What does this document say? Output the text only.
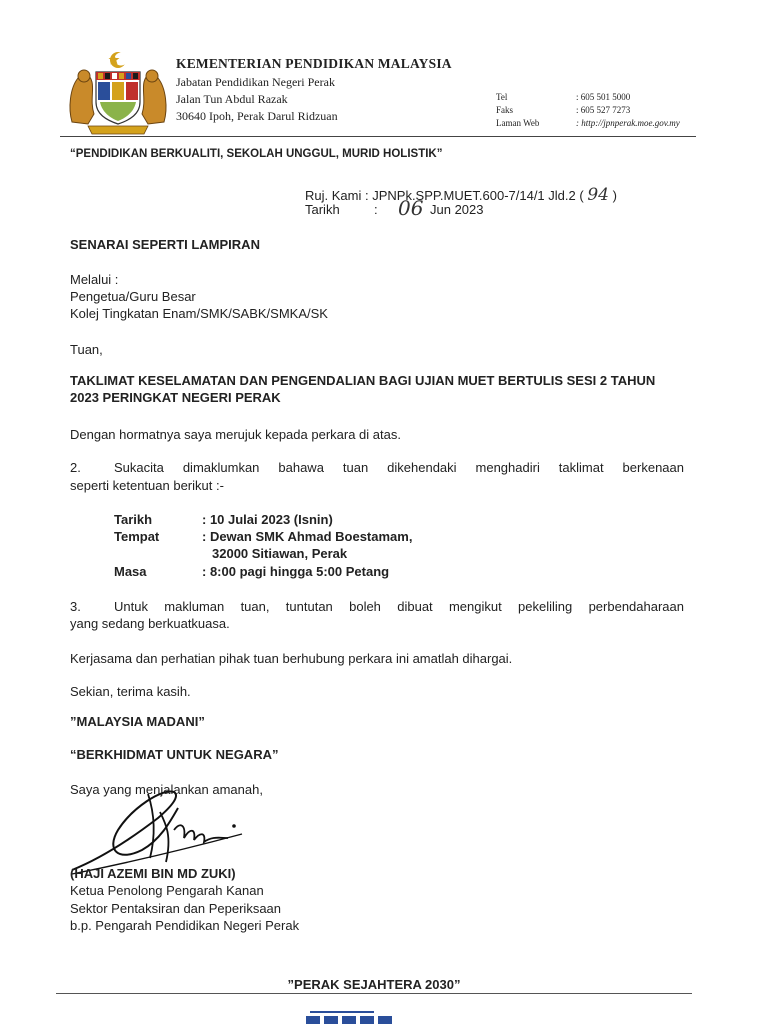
KEMENTERIAN PENDIDIKAN MALAYSIA
Jabatan Pendidikan Negeri Perak
Jalan Tun Abdul Razak
30640 Ipoh, Perak Darul Ridzuan
Tel	: 605 501 5000
Faks	: 605 527 7273
Laman Web	: http://jpnperak.moe.gov.my
“PENDIDIKAN BERKUALITI, SEKOLAH UNGGUL, MURID HOLISTIK”
Ruj. Kami : JPNPk.SPP.MUET.600-7/14/1 Jld.2 ( 94 )
Tarikh	: 06 Jun 2023
SENARAI SEPERTI LAMPIRAN
Melalui :
Pengetua/Guru Besar
Kolej Tingkatan Enam/SMK/SABK/SMKA/SK
Tuan,
TAKLIMAT KESELAMATAN DAN PENGENDALIAN BAGI UJIAN MUET BERTULIS SESI 2 TAHUN 2023 PERINGKAT NEGERI PERAK
Dengan hormatnya saya merujuk kepada perkara di atas.
2.	Sukacita dimaklumkan bahawa tuan dikehendaki menghadiri taklimat berkenaan
seperti ketentuan berikut :-
Tarikh	: 10 Julai 2023 (Isnin)
Tempat	: Dewan SMK Ahmad Boestamam,
32000 Sitiawan, Perak
Masa	: 8:00 pagi hingga 5:00 Petang
3.	Untuk makluman tuan, tuntutan boleh dibuat mengikut pekeliling perbendaharaan
yang sedang berkuatkuasa.
Kerjasama dan perhatian pihak tuan berhubung perkara ini amatlah dihargai.
Sekian, terima kasih.
”MALAYSIA MADANI”
“BERKHIDMAT UNTUK NEGARA”
Saya yang menjalankan amanah,
(HAJI AZEMI BIN MD ZUKI)
Ketua Penolong Pengarah Kanan
Sektor Pentaksiran dan Peperiksaan
b.p. Pengarah Pendidikan Negeri Perak
”PERAK SEJAHTERA 2030”
